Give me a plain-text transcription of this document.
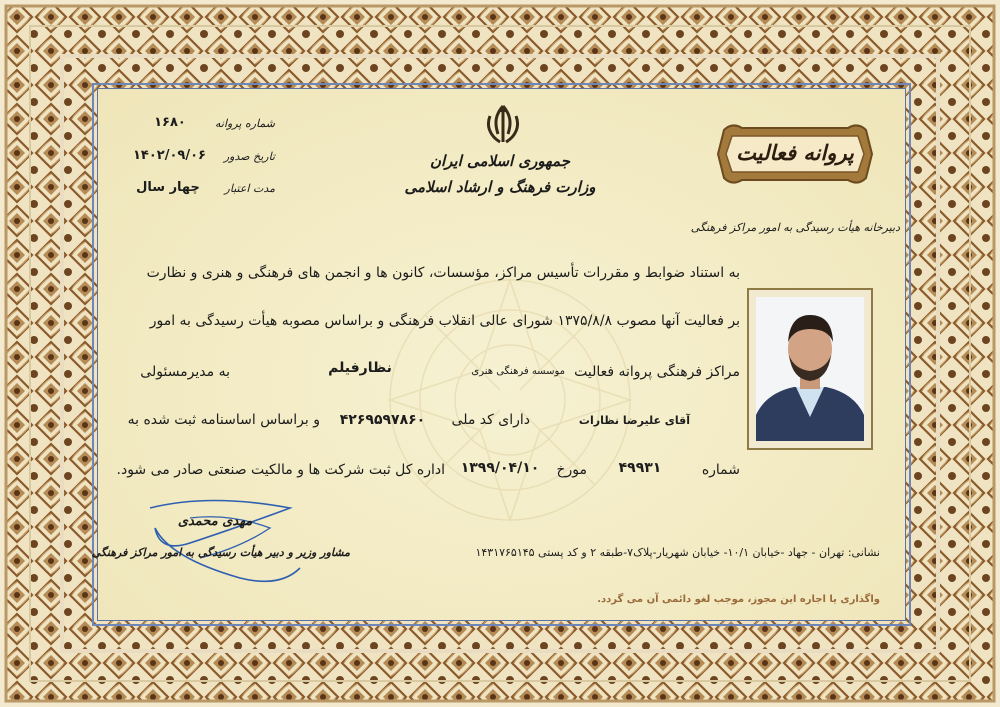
جمهوری اسلامی ایران
وزارت فرهنگ و ارشاد اسلامی
پروانه فعالیت
دبیرخانه هیأت رسیدگی به امور مراکز فرهنگی
شماره پروانه
۱۶۸۰
تاریخ صدور
۱۴۰۲/۰۹/۰۶
مدت اعتبار
چهار سال
به استناد ضوابط و مقررات تأسیس مراکز، مؤسسات، کانون ها و انجمن های فرهنگی و هنری و نظارت
بر فعالیت آنها مصوب ۱۳۷۵/۸/۸ شورای عالی انقلاب فرهنگی و براساس مصوبه هیأت رسیدگی به امور
مراکز فرهنگی پروانه فعالیت
موسسه فرهنگی هنری
نظارفیلم
به مدیرمسئولی
آقای علیرضا نظارات
دارای کد ملی
۴۲۶۹۵۹۷۸۶۰
و براساس اساسنامه ثبت شده به
شماره
۴۹۹۳۱
مورخ
۱۳۹۹/۰۴/۱۰
اداره کل ثبت شرکت ها و مالکیت صنعتی صادر می شود.
نشانی: تهران - جهاد -خیابان ۱۰/۱- خیابان شهریار-پلاک۷-طبقه ۲ و کد پستی ۱۴۳۱۷۶۵۱۴۵
واگذاری یا اجاره این مجوز، موجب لغو دائمی آن می گردد.
مهدی محمدی
مشاور وزیر و دبیر هیأت رسیدگی به امور مراکز فرهنگی
